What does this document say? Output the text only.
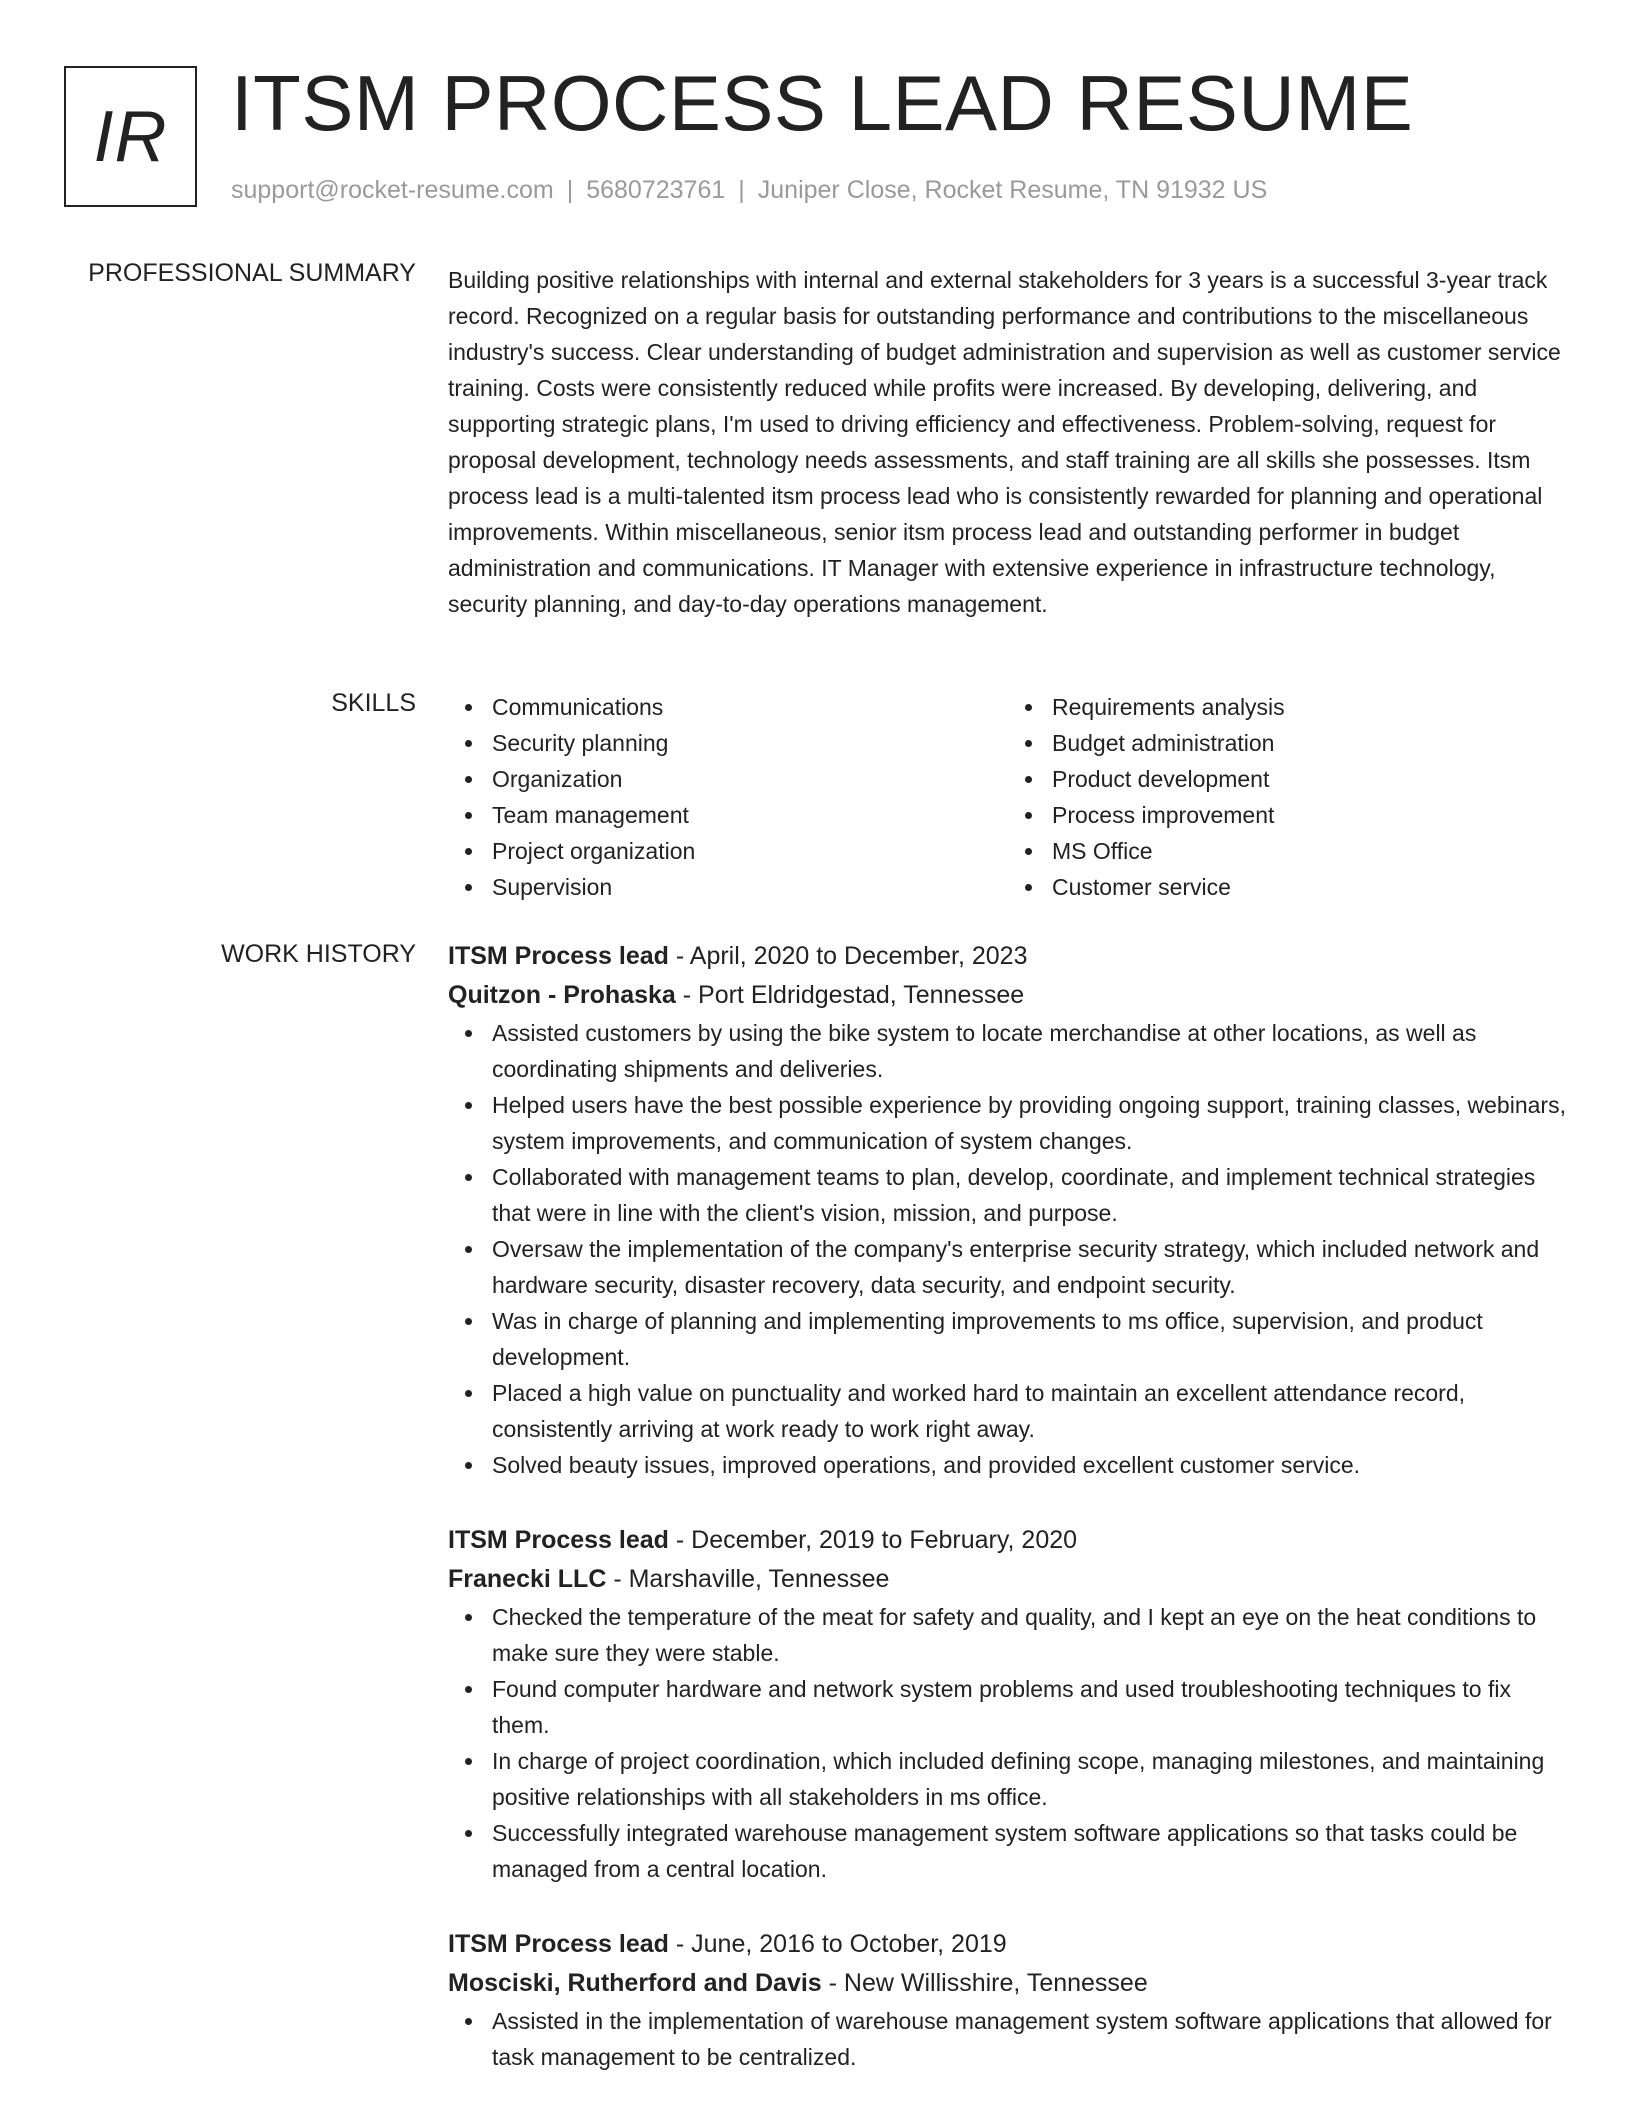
IR ITSM PROCESS LEAD RESUME
support@rocket-resume.com | 5680723761 | Juniper Close, Rocket Resume, TN 91932 US
PROFESSIONAL SUMMARY Building positive relationships with internal and external stakeholders for 3 years is a successful 3-year track record. Recognized on a regular basis for outstanding performance and contributions to the miscellaneous industry's success. Clear understanding of budget administration and supervision as well as customer service training. Costs were consistently reduced while profits were increased. By developing, delivering, and supporting strategic plans, I'm used to driving efficiency and effectiveness. Problem-solving, request for proposal development, technology needs assessments, and staff training are all skills she possesses. Itsm process lead is a multi-talented itsm process lead who is consistently rewarded for planning and operational improvements. Within miscellaneous, senior itsm process lead and outstanding performer in budget administration and communications. IT Manager with extensive experience in infrastructure technology, security planning, and day-to-day operations management.

SKILLS	Communications
Security planning
Organization
Team management
Project organization
Supervision
Requirements analysis
Budget administration
Product development
Process improvement
MS Office
Customer service
WORK HISTORY ITSM Process lead - April, 2020 to December, 2023
Quitzon - Prohaska - Port Eldridgestad, Tennessee
Assisted customers by using the bike system to locate merchandise at other locations, as well as coordinating shipments and deliveries.
Helped users have the best possible experience by providing ongoing support, training classes, webinars, system improvements, and communication of system changes.
Collaborated with management teams to plan, develop, coordinate, and implement technical strategies that were in line with the client's vision, mission, and purpose.
Oversaw the implementation of the company's enterprise security strategy, which included network and hardware security, disaster recovery, data security, and endpoint security.
Was in charge of planning and implementing improvements to ms office, supervision, and product development.
Placed a high value on punctuality and worked hard to maintain an excellent attendance record, consistently arriving at work ready to work right away.
Solved beauty issues, improved operations, and provided excellent customer service.
ITSM Process lead - December, 2019 to February, 2020
Franecki LLC - Marshaville, Tennessee
Checked the temperature of the meat for safety and quality, and I kept an eye on the heat conditions to make sure they were stable.
Found computer hardware and network system problems and used troubleshooting techniques to fix them.
In charge of project coordination, which included defining scope, managing milestones, and maintaining positive relationships with all stakeholders in ms office.
Successfully integrated warehouse management system software applications so that tasks could be managed from a central location.
ITSM Process lead - June, 2016 to October, 2019
Mosciski, Rutherford and Davis - New Willisshire, Tennessee
Assisted in the implementation of warehouse management system software applications that allowed for task management to be centralized.
